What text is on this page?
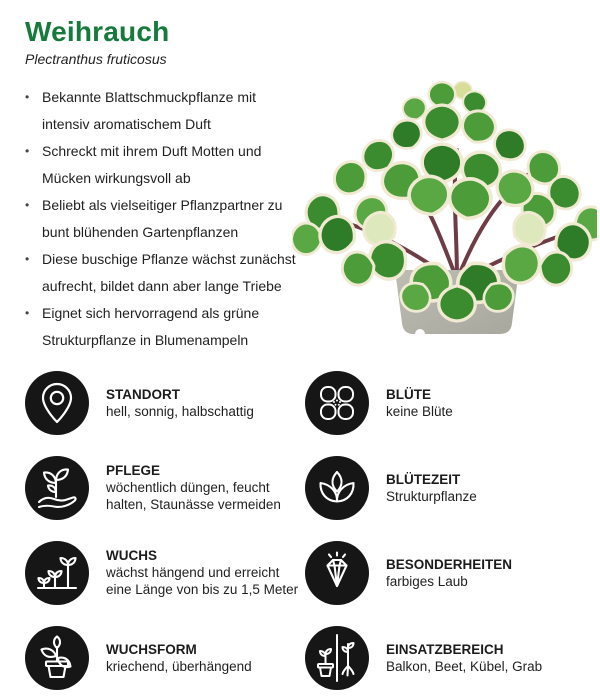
Weihrauch
Plectranthus fruticosus
• Bekannte Blattschmuckpflanze mit intensiv aromatischem Duft
• Schreckt mit ihrem Duft Motten und Mücken wirkungsvoll ab
• Beliebt als vielseitiger Pflanzpartner zu bunt blühenden Gartenpflanzen
• Diese buschige Pflanze wächst zunächst aufrecht, bildet dann aber lange Triebe
• Eignet sich hervorragend als grüne Strukturpflanze in Blumenampeln
STANDORT
hell, sonnig, halbschattig
BLÜTE
keine Blüte
PFLEGE
wöchentlich düngen, feucht halten, Staunässe vermeiden
BLÜTEZEIT
Strukturpflanze
WUCHS
wächst hängend und erreicht eine Länge von bis zu 1,5 Meter
BESONDERHEITEN
farbiges Laub
WUCHSFORM
kriechend, überhängend
EINSATZBEREICH
Balkon, Beet, Kübel, Grab
